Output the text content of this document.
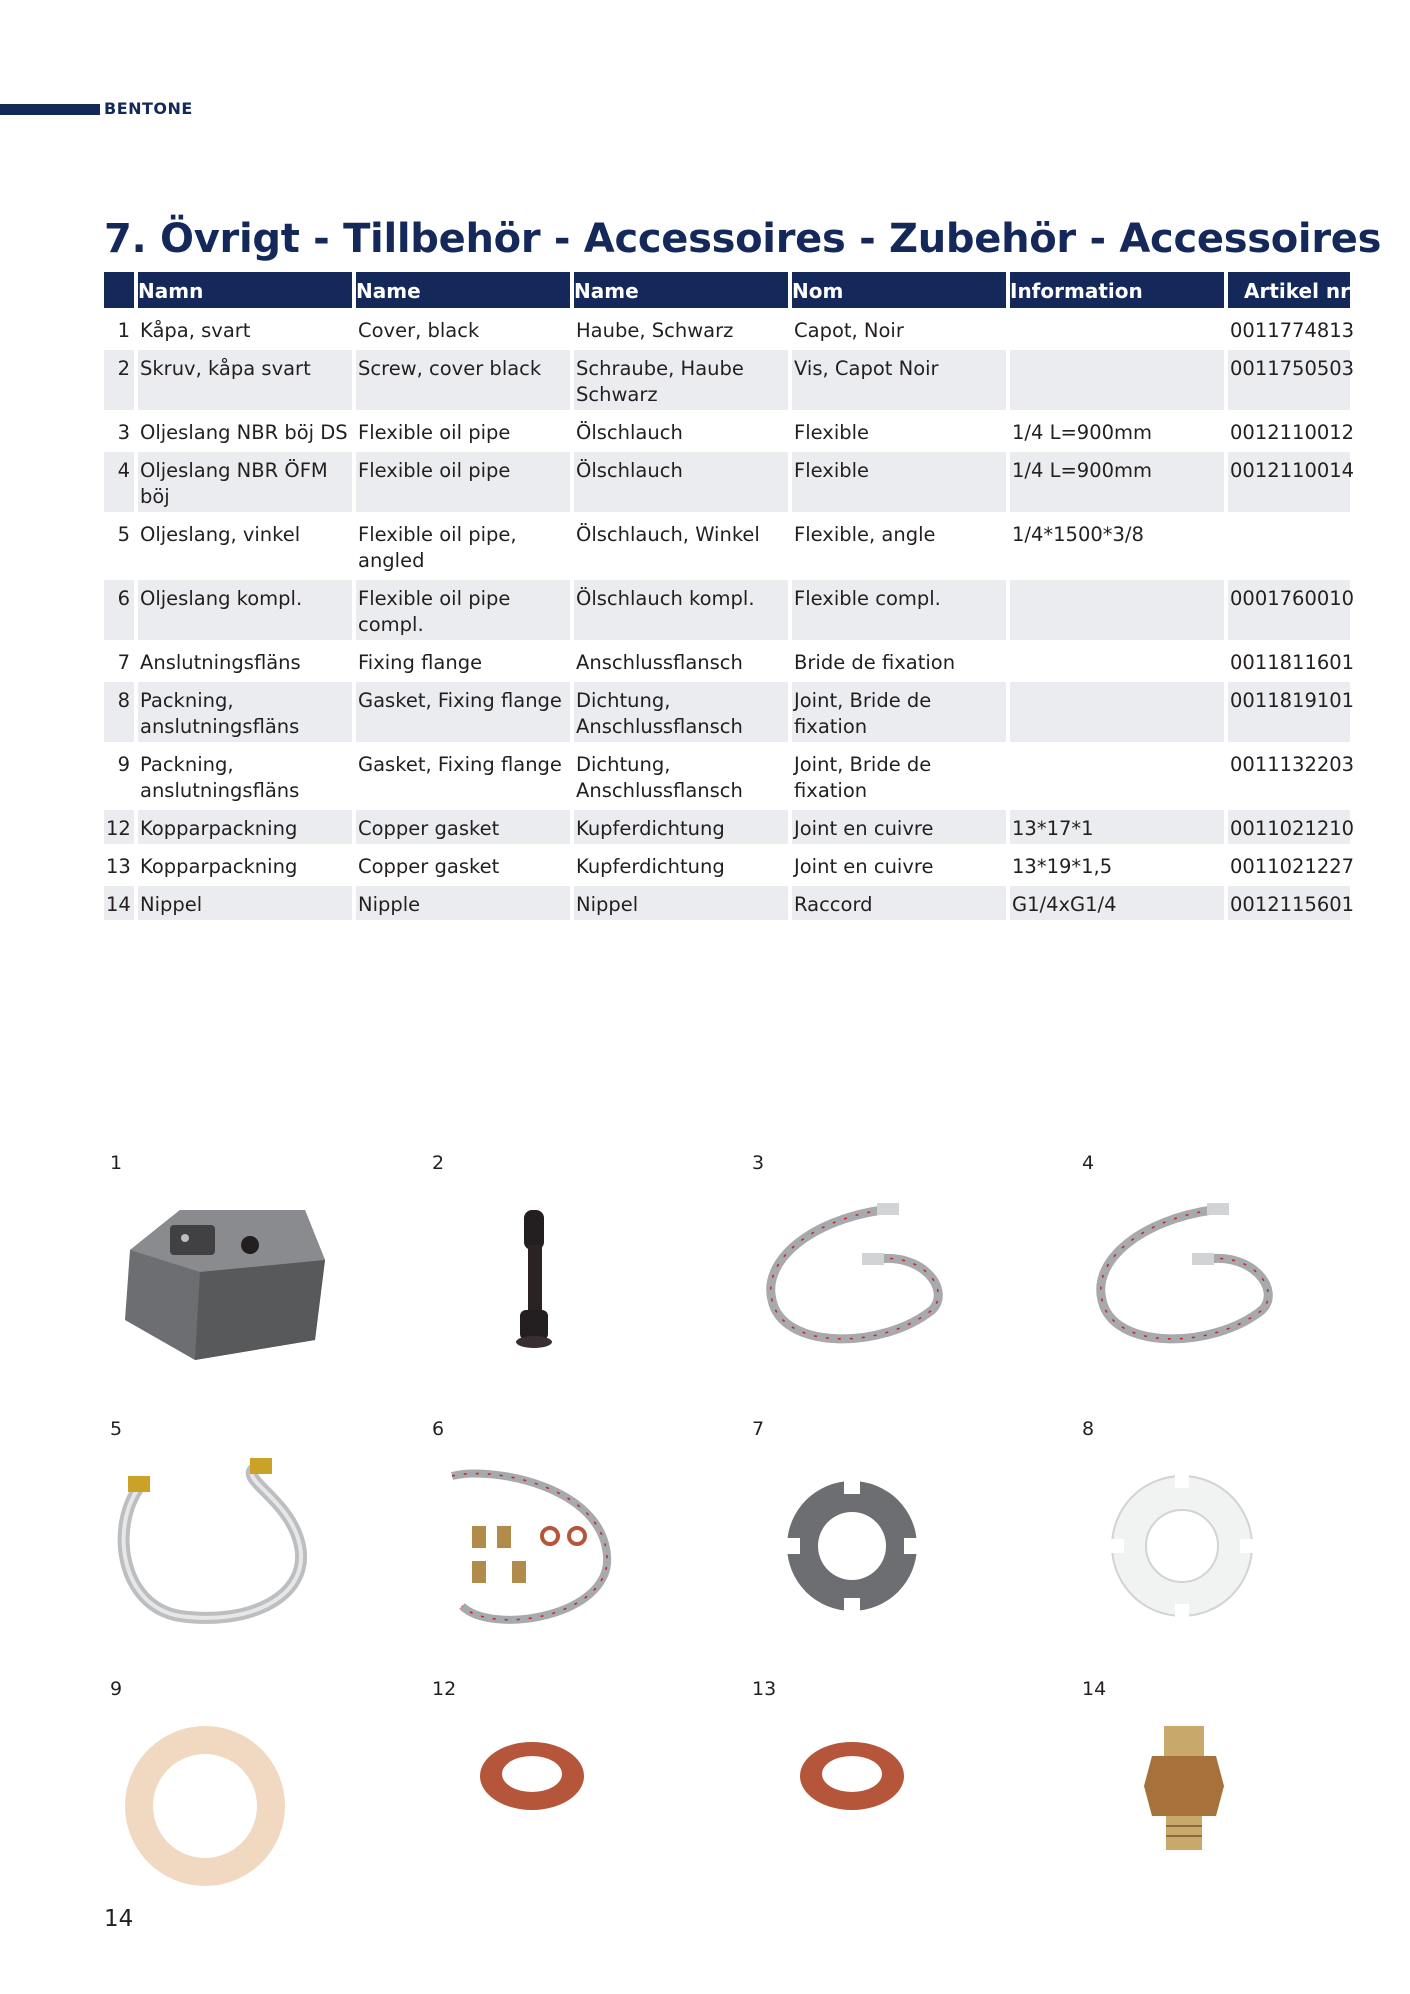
BENTONE
7. Övrigt - Tillbehör - Accessoires - Zubehör - Accessoires
	Namn	Name	Name	Nom	Information	Artikel nr
1	Kåpa, svart	Cover, black	Haube, Schwarz	Capot, Noir		0011774813
2	Skruv, kåpa svart	Screw, cover black	Schraube, Haube Schwarz	Vis, Capot Noir		0011750503
3	Oljeslang NBR böj DS	Flexible oil pipe	Ölschlauch	Flexible	1/4 L=900mm	0012110012
4	Oljeslang NBR ÖFM böj	Flexible oil pipe	Ölschlauch	Flexible	1/4 L=900mm	0012110014
5	Oljeslang, vinkel	Flexible oil pipe, angled	Ölschlauch, Winkel	Flexible, angle	1/4*1500*3/8	
6	Oljeslang kompl.	Flexible oil pipe compl.	Ölschlauch kompl.	Flexible compl.		0001760010
7	Anslutningsfläns	Fixing flange	Anschlussflansch	Bride de fixation		0011811601
8	Packning, anslutningsfläns	Gasket, Fixing flange	Dichtung, Anschlussflansch	Joint, Bride de fixation		0011819101
9	Packning, anslutningsfläns	Gasket, Fixing flange	Dichtung, Anschlussflansch	Joint, Bride de fixation		0011132203
12	Kopparpackning	Copper gasket	Kupferdichtung	Joint en cuivre	13*17*1	0011021210
13	Kopparpackning	Copper gasket	Kupferdichtung	Joint en cuivre	13*19*1,5	0011021227
14	Nippel	Nipple	Nippel	Raccord	G1/4xG1/4	0012115601
1	2	3	4
5	6	7	8
9	12	13	14
14
